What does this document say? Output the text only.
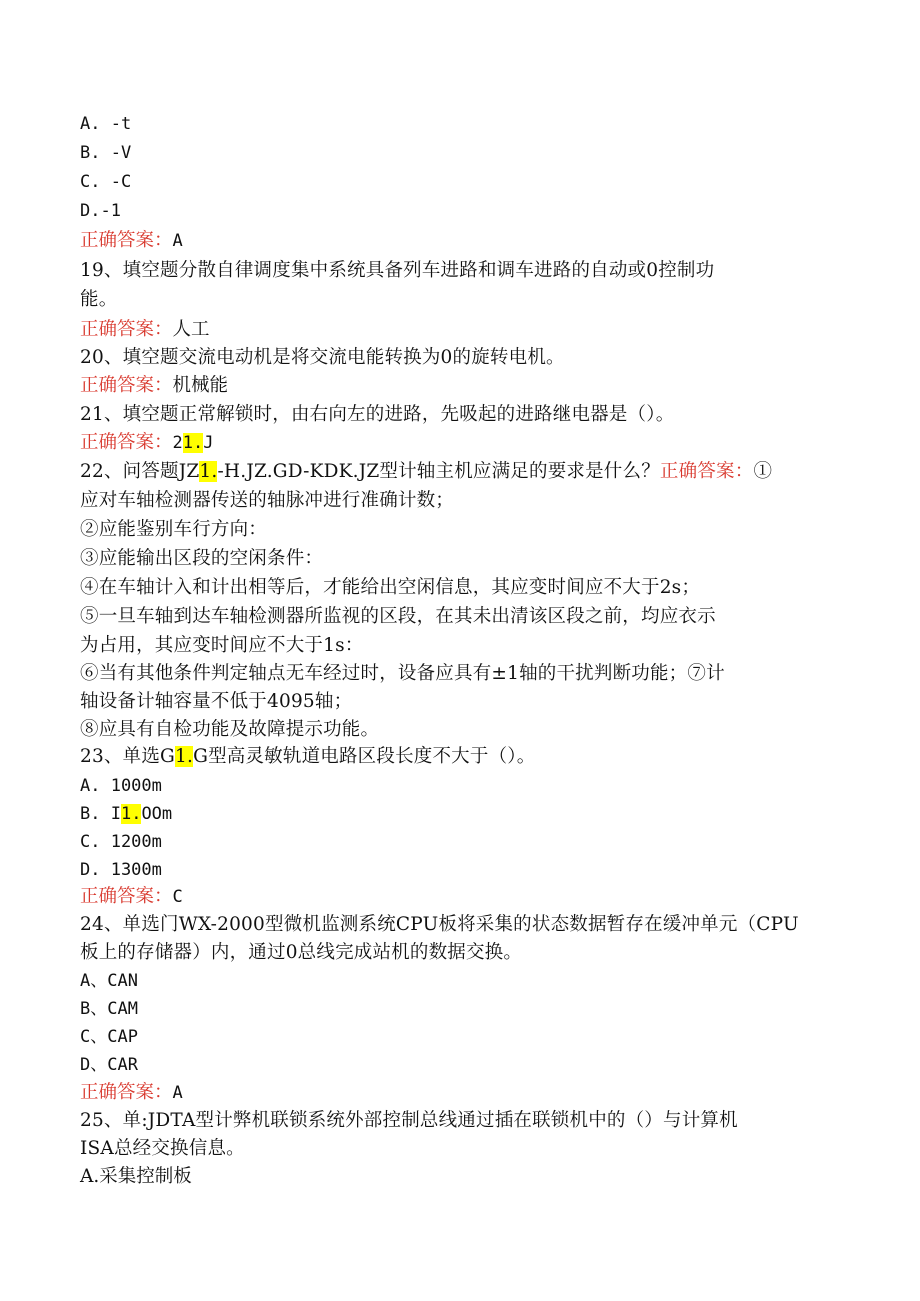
A. -t
B. -V
C. -C
D.-1
正确答案：A
19、填空题分散自律调度集中系统具备列车进路和调车进路的自动或0控制功
能。
正确答案：人工
20、填空题交流电动机是将交流电能转换为0的旋转电机。
正确答案：机械能
21、填空题正常解锁时，由右向左的进路，先吸起的进路继电器是（）。
正确答案：21.J
22、问答题JZ1.-H.JZ.GD-KDK.JZ型计轴主机应满足的要求是什么？正确答案：①
应对车轴检测器传送的轴脉冲进行准确计数；
②应能鉴别车行方向：
③应能输出区段的空闲条件：
④在车轴计入和计出相等后，才能给出空闲信息，其应变时间应不大于2s；
⑤一旦车轴到达车轴检测器所监视的区段，在其未出清该区段之前，均应衣示
为占用，其应变时间应不大于1s：
⑥当有其他条件判定轴点无车经过时，设备应具有±1轴的干扰判断功能；⑦计
轴设备计轴容量不低于4095轴；
⑧应具有自检功能及故障提示功能。
23、单选G1.G型高灵敏轨道电路区段长度不大于（）。
A. 1000m
B. I1.OOm
C. 1200m
D. 1300m
正确答案：C
24、单选门WX-2000型微机监测系统CPU板将采集的状态数据暂存在缓冲单元（CPU
板上的存储器）内，通过0总线完成站机的数据交换。
A、CAN
B、CAM
C、CAP
D、CAR
正确答案：A
25、单:JDTA型计弊机联锁系统外部控制总线通过插在联锁机中的（）与计算机
ISA总经交换信息。
A.采集控制板
